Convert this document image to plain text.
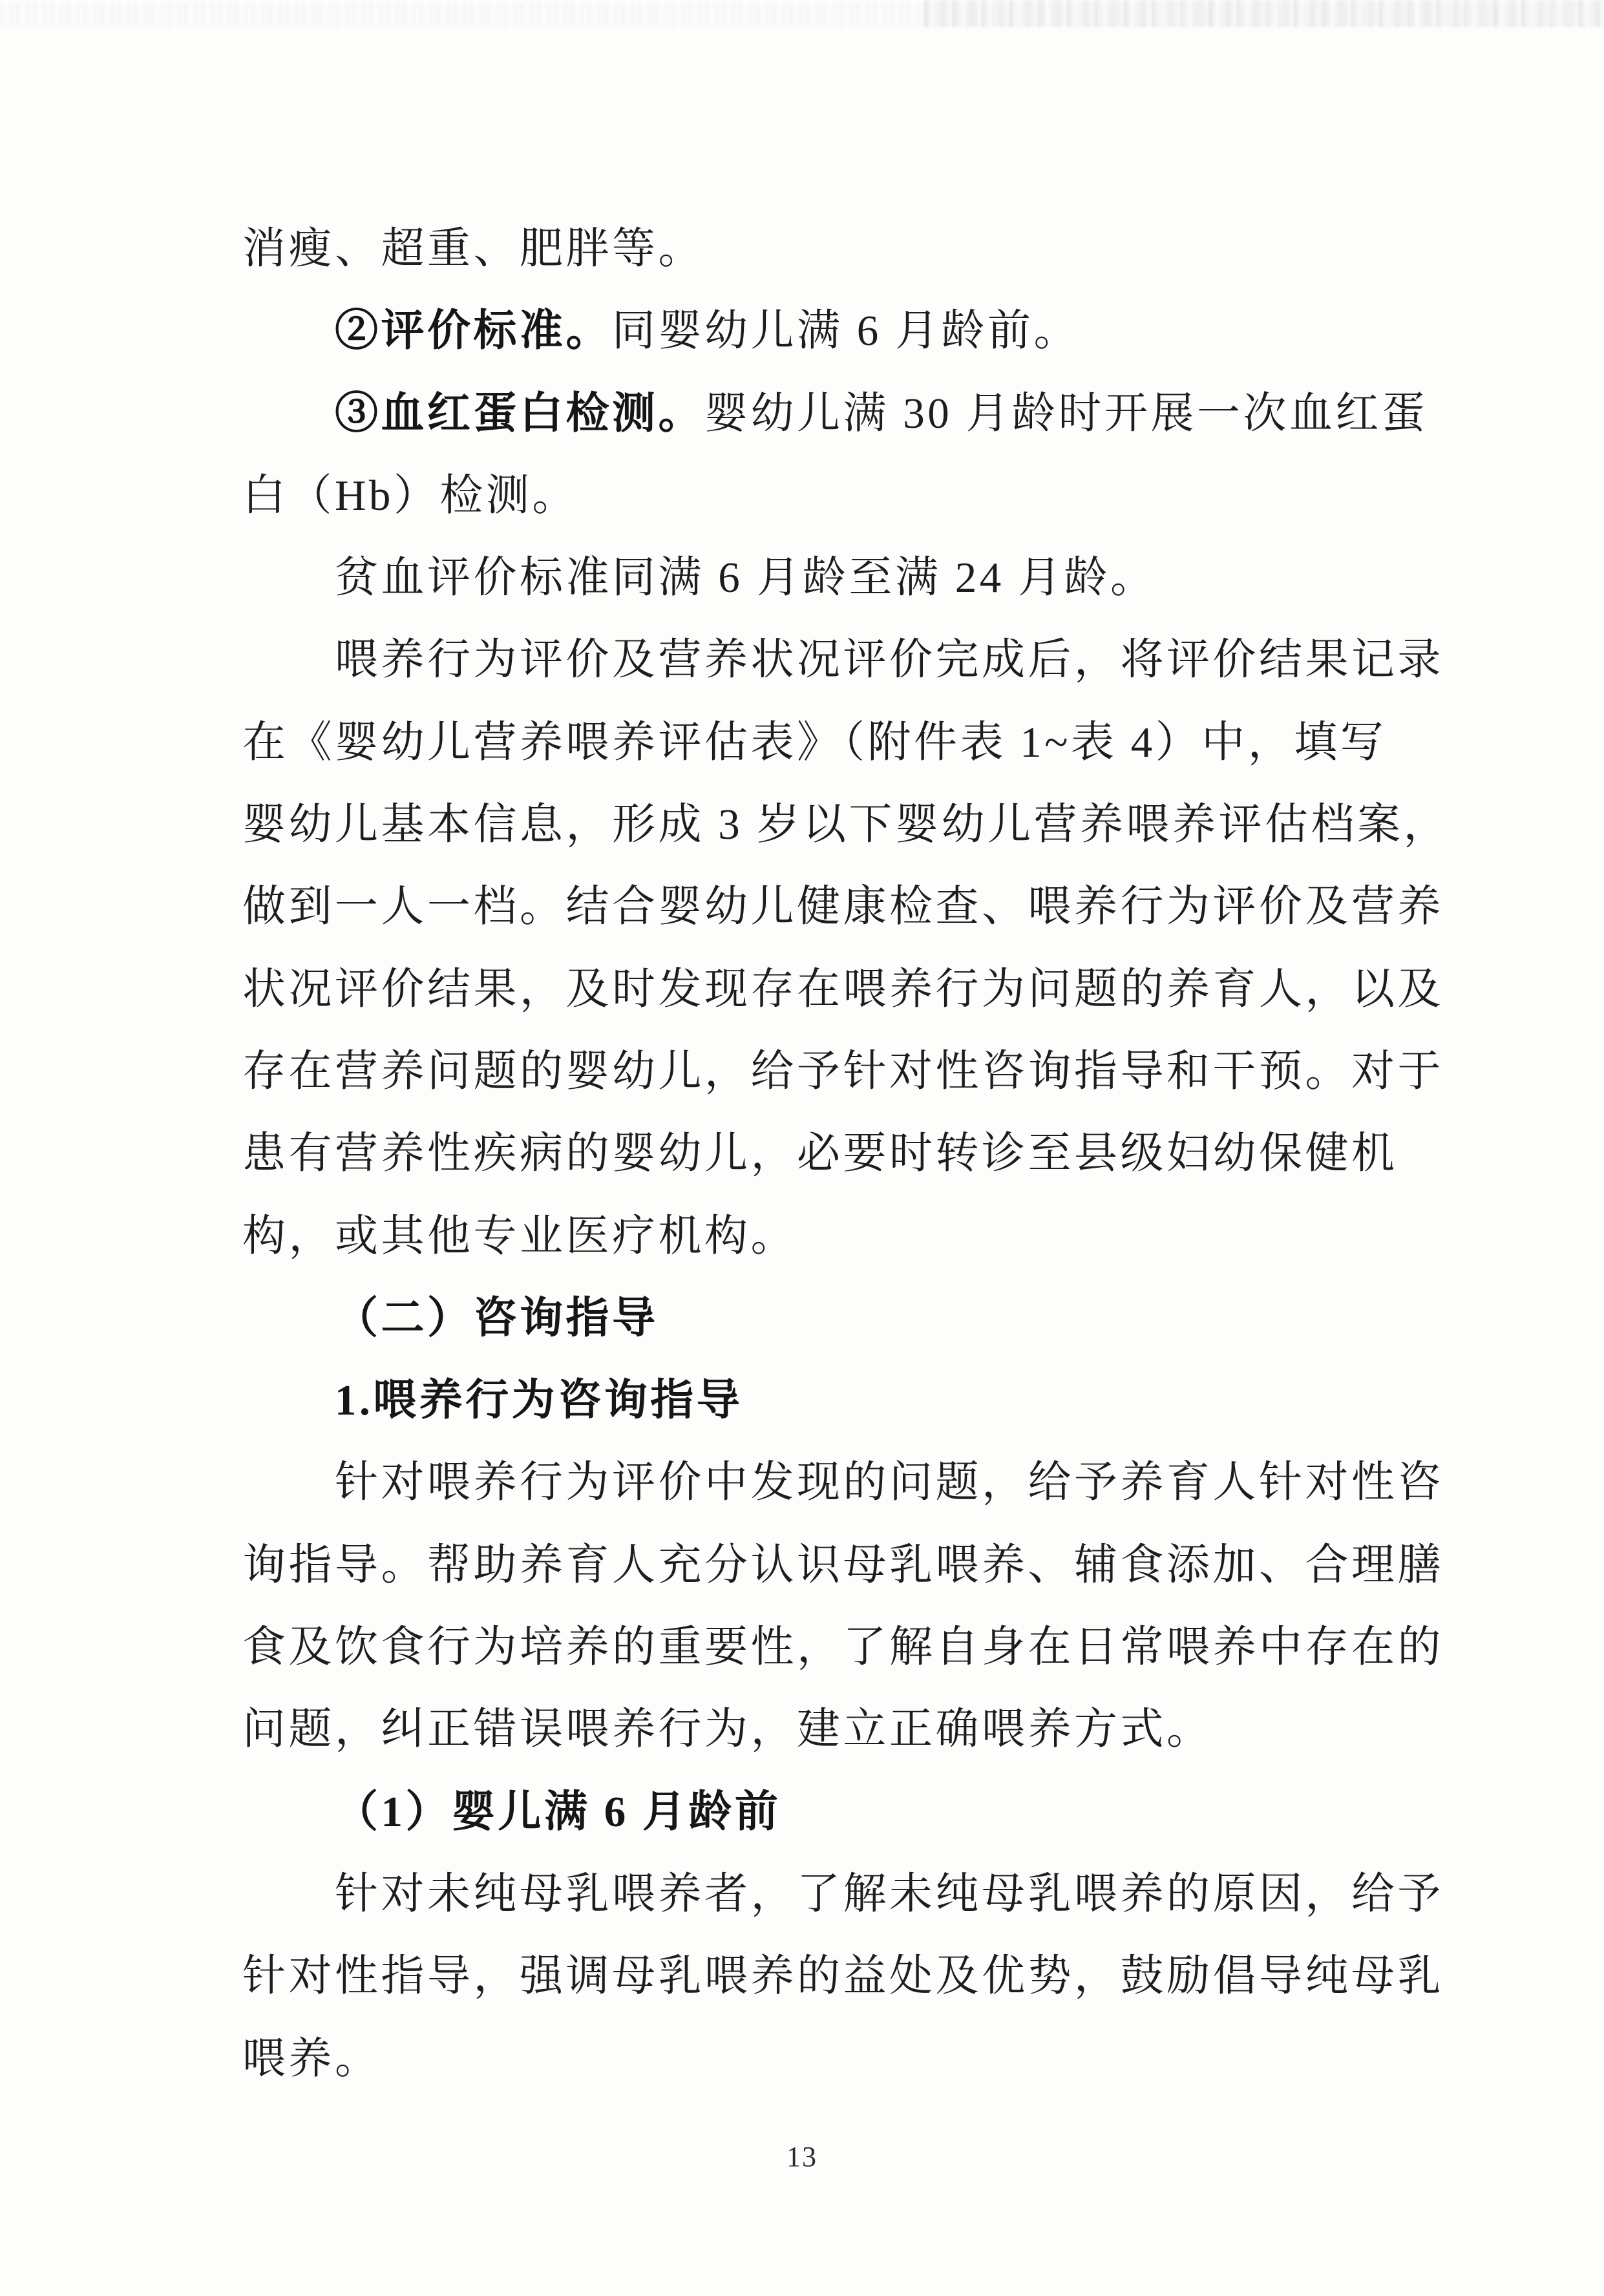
消瘦、超重、肥胖等。
②评价标准。同婴幼儿满 6 月龄前。
③血红蛋白检测。婴幼儿满 30 月龄时开展一次血红蛋
白（Hb）检测。
贫血评价标准同满 6 月龄至满 24 月龄。
喂养行为评价及营养状况评价完成后，将评价结果记录
在《婴幼儿营养喂养评估表》（附件表 1~表 4）中，填写
婴幼儿基本信息，形成 3 岁以下婴幼儿营养喂养评估档案，
做到一人一档。结合婴幼儿健康检查、喂养行为评价及营养
状况评价结果，及时发现存在喂养行为问题的养育人，以及
存在营养问题的婴幼儿，给予针对性咨询指导和干预。对于
患有营养性疾病的婴幼儿，必要时转诊至县级妇幼保健机
构，或其他专业医疗机构。
（二）咨询指导
1.喂养行为咨询指导
针对喂养行为评价中发现的问题，给予养育人针对性咨
询指导。帮助养育人充分认识母乳喂养、辅食添加、合理膳
食及饮食行为培养的重要性，了解自身在日常喂养中存在的
问题，纠正错误喂养行为，建立正确喂养方式。
（1）婴儿满 6 月龄前
针对未纯母乳喂养者，了解未纯母乳喂养的原因，给予
针对性指导，强调母乳喂养的益处及优势，鼓励倡导纯母乳
喂养。
13
